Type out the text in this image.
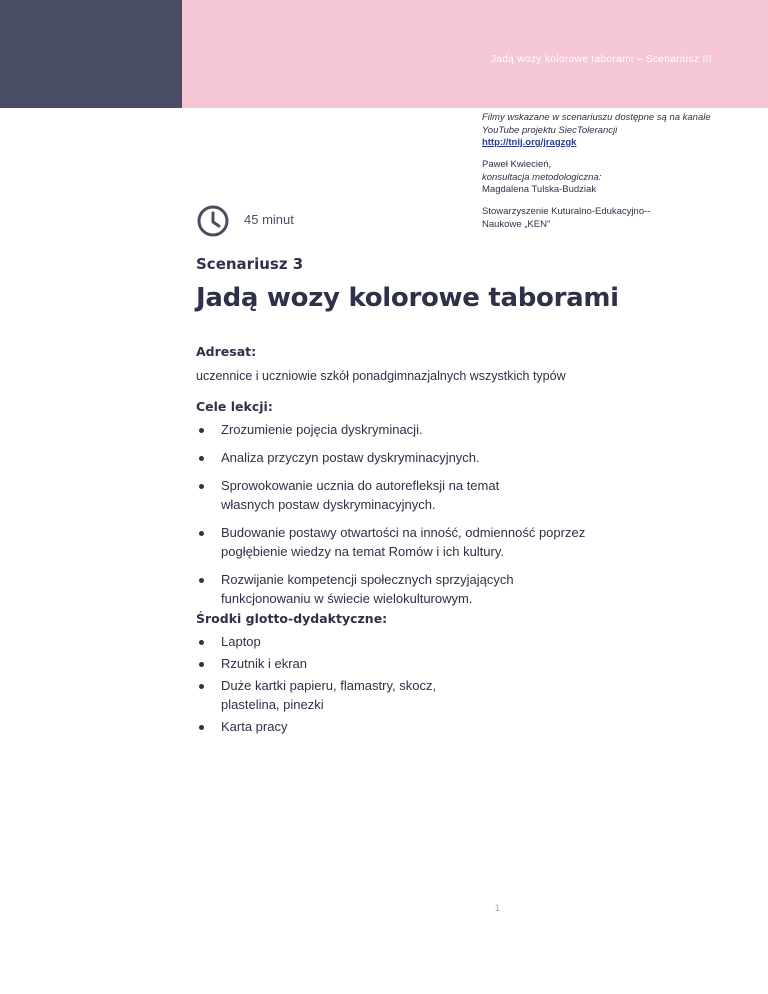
Jadą wozy kolorowe taborami – Scenariusz III
Filmy wskazane w scenariuszu dostępne są na kanale YouTube projektu SiecTolerancji
http://tnij.org/jragzgk
Paweł Kwiecień,
konsultacja metodologiczna:
Magdalena Tulska-Budziak
Stowarzyszenie Kuturalno-Edukacyjno--Naukowe „KEN"
45 minut
Scenariusz 3
Jadą wozy kolorowe taborami
Adresat:
uczennice i uczniowie szkół ponadgimnazjalnych wszystkich typów
Cele lekcji:
Zrozumienie pojęcia dyskryminacji.
Analiza przyczyn postaw dyskryminacyjnych.
Sprowokowanie ucznia do autorefleksji na temat własnych postaw dyskryminacyjnych.
Budowanie postawy otwartości na inność, odmienność poprzez pogłębienie wiedzy na temat Romów i ich kultury.
Rozwijanie kompetencji społecznych sprzyjających funkcjonowaniu w świecie wielokulturowym.
Środki glotto-dydaktyczne:
Laptop
Rzutnik i ekran
Duże kartki papieru, flamastry, skocz, plastelina, pinezki
Karta pracy
1
